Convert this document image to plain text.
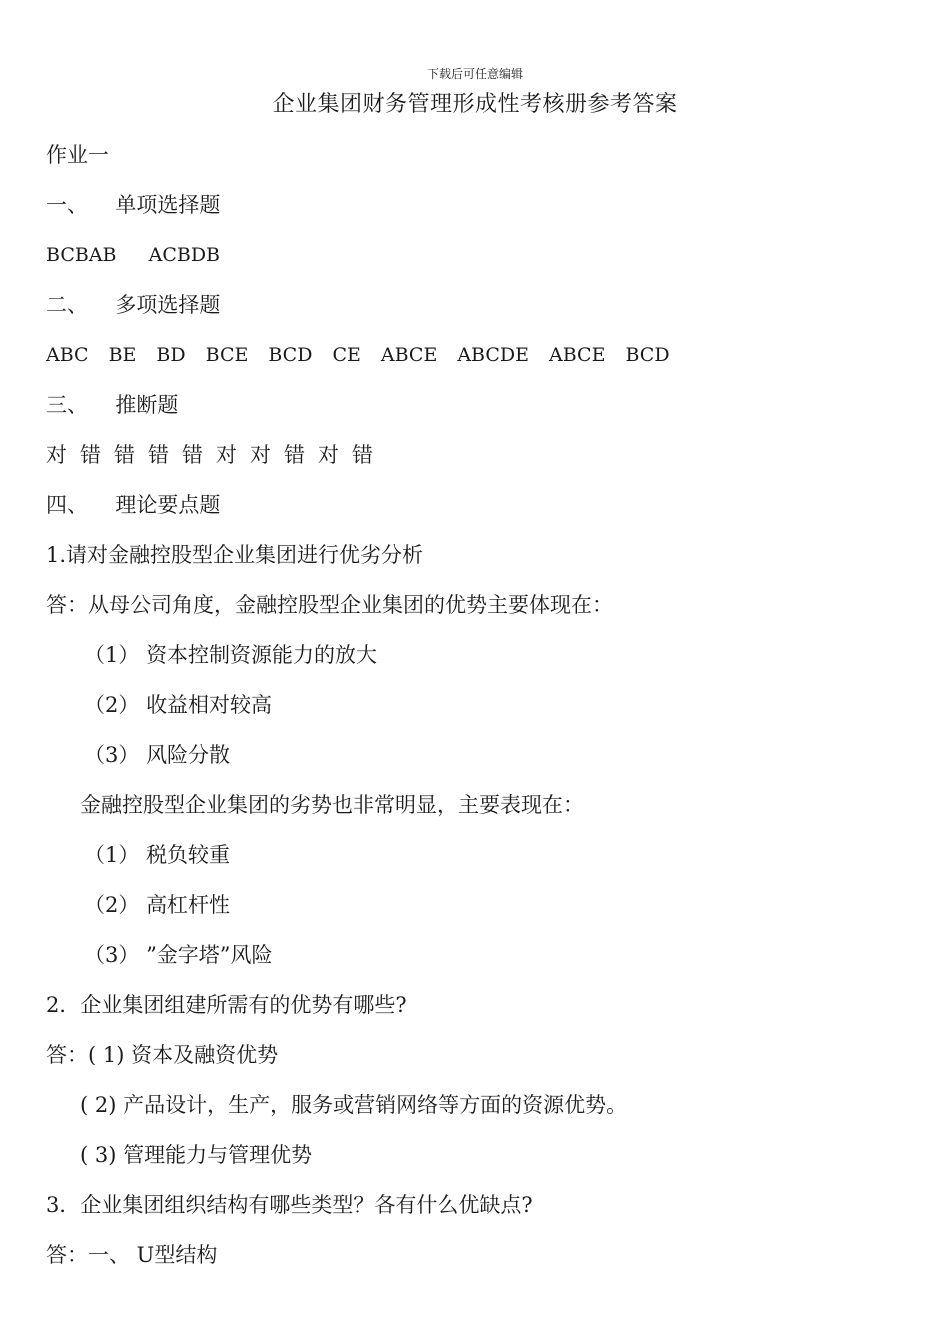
下载后可任意编辑
企业集团财务管理形成性考核册参考答案
作业一
一、 单项选择题
BCBAB ACBDB
二、 多项选择题
ABC BE BD BCE BCD CE ABCE ABCDE ABCE BCD
三、 推断题
对 错 错 错 错 对 对 错 对 错
四、 理论要点题
1.请对金融控股型企业集团进行优劣分析
答：从母公司角度，金融控股型企业集团的优势主要体现在：
（1） 资本控制资源能力的放大
（2） 收益相对较高
（3） 风险分散
金融控股型企业集团的劣势也非常明显，主要表现在：
（1） 税负较重
（2） 高杠杆性
（3） ”金字塔”风险
2．企业集团组建所需有的优势有哪些?
答：( 1) 资本及融资优势
( 2) 产品设计，生产，服务或营销网络等方面的资源优势。
( 3) 管理能力与管理优势
3．企业集团组织结构有哪些类型？各有什么优缺点?
答：一、 U型结构
